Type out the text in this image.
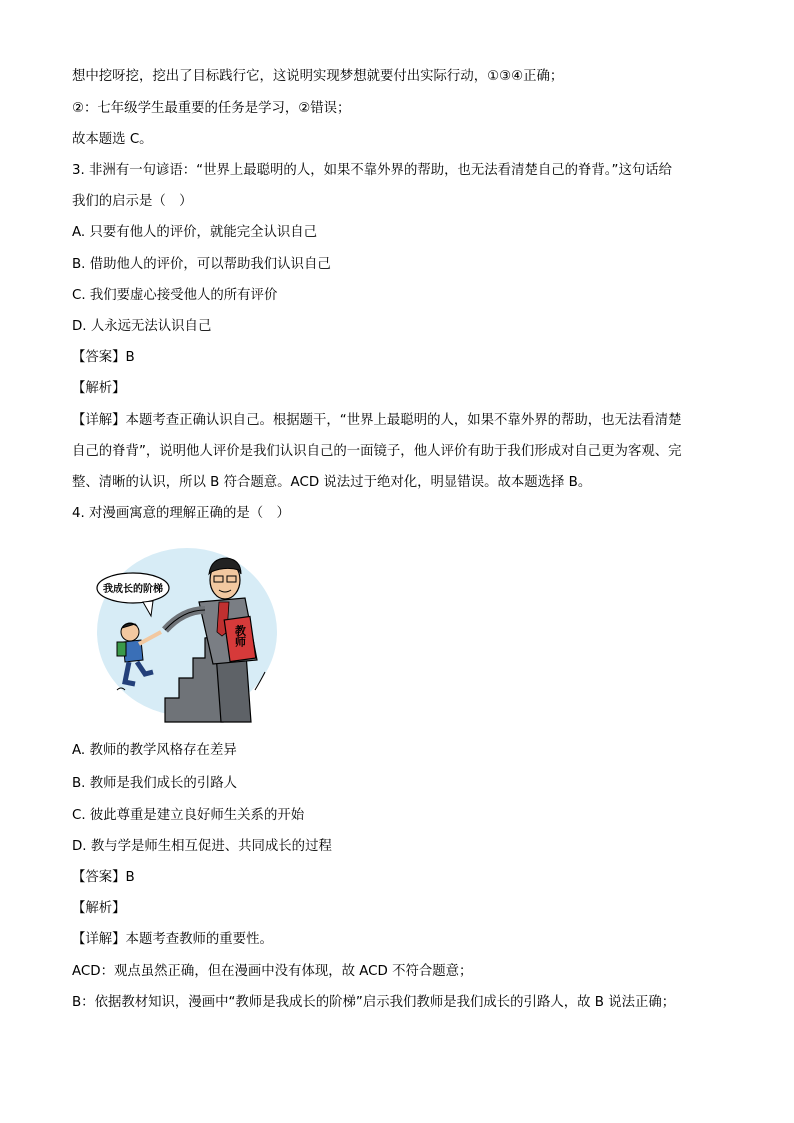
想中挖呀挖，挖出了目标践行它，这说明实现梦想就要付出实际行动，①③④正确；
②：七年级学生最重要的任务是学习，②错误；
故本题选 C。
3. 非洲有一句谚语：“世界上最聪明的人，如果不靠外界的帮助，也无法看清楚自己的脊背。”这句话给
我们的启示是（　）
A. 只要有他人的评价，就能完全认识自己
B. 借助他人的评价，可以帮助我们认识自己
C. 我们要虚心接受他人的所有评价
D. 人永远无法认识自己
【答案】B
【解析】
【详解】本题考查正确认识自己。根据题干，“世界上最聪明的人，如果不靠外界的帮助，也无法看清楚
自己的脊背”，说明他人评价是我们认识自己的一面镜子，他人评价有助于我们形成对自己更为客观、完
整、清晰的认识，所以 B 符合题意。ACD 说法过于绝对化，明显错误。故本题选择 B。
4. 对漫画寓意的理解正确的是（　）
我成长的阶梯
教师
A. 教师的教学风格存在差异
B. 教师是我们成长的引路人
C. 彼此尊重是建立良好师生关系的开始
D. 教与学是师生相互促进、共同成长的过程
【答案】B
【解析】
【详解】本题考查教师的重要性。
ACD：观点虽然正确，但在漫画中没有体现，故 ACD 不符合题意；
B：依据教材知识，漫画中“教师是我成长的阶梯”启示我们教师是我们成长的引路人，故 B 说法正确；
